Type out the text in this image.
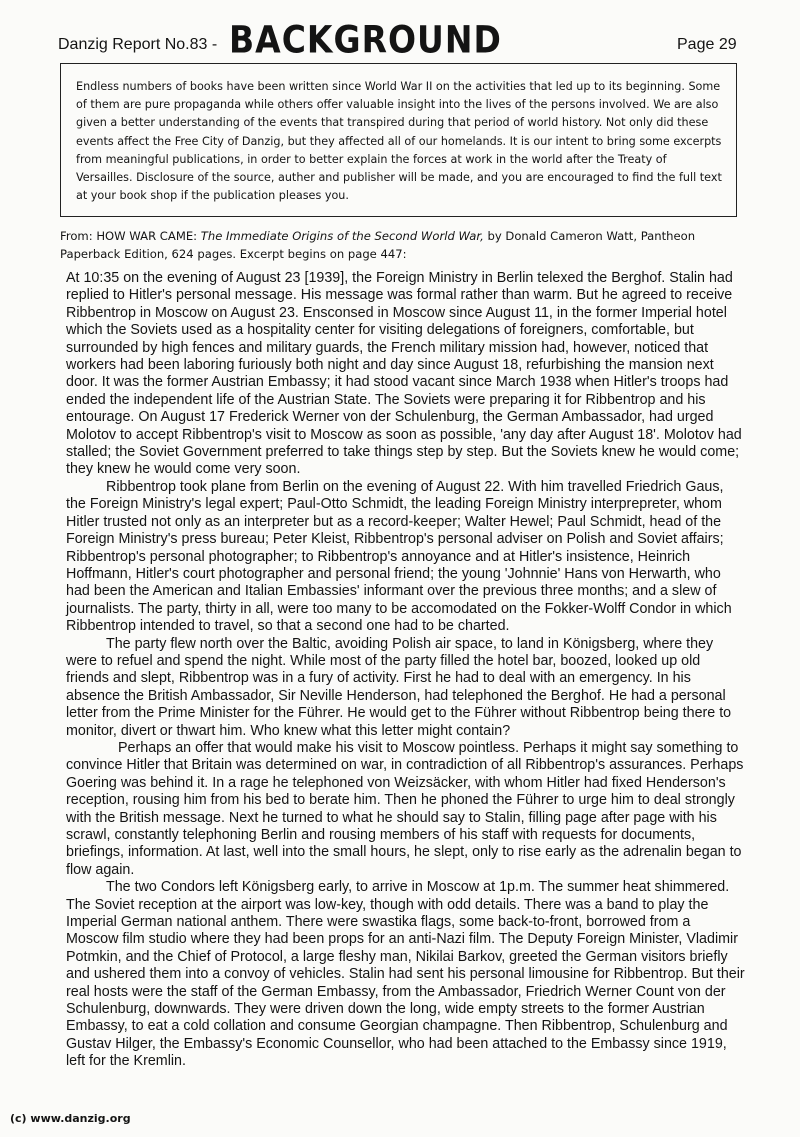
Danzig Report No.83 - BACKGROUND	Page 29

Endless numbers of books have been written since World War II on the activities that led up to its beginning. Some of them are pure propaganda while others offer valuable insight into the lives of the persons involved. We are also given a better understanding of the events that transpired during that period of world history. Not only did these events affect the Free City of Danzig, but they affected all of our homelands. It is our intent to bring some excerpts from meaningful publications, in order to better explain the forces at work in the world after the Treaty of Versailles. Disclosure of the source, auther and publisher will be made, and you are encouraged to find the full text at your book shop if the publication pleases you.

From: HOW WAR CAME: The Immediate Origins of the Second World War, by Donald Cameron Watt, Pantheon Paperback Edition, 624 pages. Excerpt begins on page 447:

At 10:35 on the evening of August 23 [1939], the Foreign Ministry in Berlin telexed the Berghof. Stalin had replied to Hitler's personal message. His message was formal rather than warm. But he agreed to receive Ribbentrop in Moscow on August 23. Ensconsed in Moscow since August 11, in the former Imperial hotel which the Soviets used as a hospitality center for visiting delegations of foreigners, comfortable, but surrounded by high fences and military guards, the French military mission had, however, noticed that workers had been laboring furiously both night and day since August 18, refurbishing the mansion next door. It was the former Austrian Embassy; it had stood vacant since March 1938 when Hitler's troops had ended the independent life of the Austrian State. The Soviets were preparing it for Ribbentrop and his entourage. On August 17 Frederick Werner von der Schulenburg, the German Ambassador, had urged Molotov to accept Ribbentrop's visit to Moscow as soon as possible, 'any day after August 18'. Molotov had stalled; the Soviet Government preferred to take things step by step. But the Soviets knew he would come; they knew he would come very soon.

Ribbentrop took plane from Berlin on the evening of August 22. With him travelled Friedrich Gaus, the Foreign Ministry's legal expert; Paul-Otto Schmidt, the leading Foreign Ministry interprepreter, whom Hitler trusted not only as an interpreter but as a record-keeper; Walter Hewel; Paul Schmidt, head of the Foreign Ministry's press bureau; Peter Kleist, Ribbentrop's personal adviser on Polish and Soviet affairs; Ribbentrop's personal photographer; to Ribbentrop's annoyance and at Hitler's insistence, Heinrich Hoffmann, Hitler's court photographer and personal friend; the young 'Johnnie' Hans von Herwarth, who had been the American and Italian Embassies' informant over the previous three months; and a slew of journalists. The party, thirty in all, were too many to be accomodated on the Fokker-Wolff Condor in which Ribbentrop intended to travel, so that a second one had to be charted.

The party flew north over the Baltic, avoiding Polish air space, to land in Königsberg, where they were to refuel and spend the night. While most of the party filled the hotel bar, boozed, looked up old friends and slept, Ribbentrop was in a fury of activity. First he had to deal with an emergency. In his absence the British Ambassador, Sir Neville Henderson, had telephoned the Berghof. He had a personal letter from the Prime Minister for the Führer. He would get to the Führer without Ribbentrop being there to monitor, divert or thwart him. Who knew what this letter might contain?

Perhaps an offer that would make his visit to Moscow pointless. Perhaps it might say something to convince Hitler that Britain was determined on war, in contradiction of all Ribbentrop's assurances. Perhaps Goering was behind it. In a rage he telephoned von Weizsäcker, with whom Hitler had fixed Henderson's reception, rousing him from his bed to berate him. Then he phoned the Führer to urge him to deal strongly with the British message. Next he turned to what he should say to Stalin, filling page after page with his scrawl, constantly telephoning Berlin and rousing members of his staff with requests for documents, briefings, information. At last, well into the small hours, he slept, only to rise early as the adrenalin began to flow again.

The two Condors left Königsberg early, to arrive in Moscow at 1p.m. The summer heat shimmered. The Soviet reception at the airport was low-key, though with odd details. There was a band to play the Imperial German national anthem. There were swastika flags, some back-to-front, borrowed from a Moscow film studio where they had been props for an anti-Nazi film. The Deputy Foreign Minister, Vladimir Potmkin, and the Chief of Protocol, a large fleshy man, Nikilai Barkov, greeted the German visitors briefly and ushered them into a convoy of vehicles. Stalin had sent his personal limousine for Ribbentrop. But their real hosts were the staff of the German Embassy, from the Ambassador, Friedrich Werner Count von der Schulenburg, downwards. They were driven down the long, wide empty streets to the former Austrian Embassy, to eat a cold collation and consume Georgian champagne. Then Ribbentrop, Schulenburg and Gustav Hilger, the Embassy's Economic Counsellor, who had been attached to the Embassy since 1919, left for the Kremlin.

(c) www.danzig.org
